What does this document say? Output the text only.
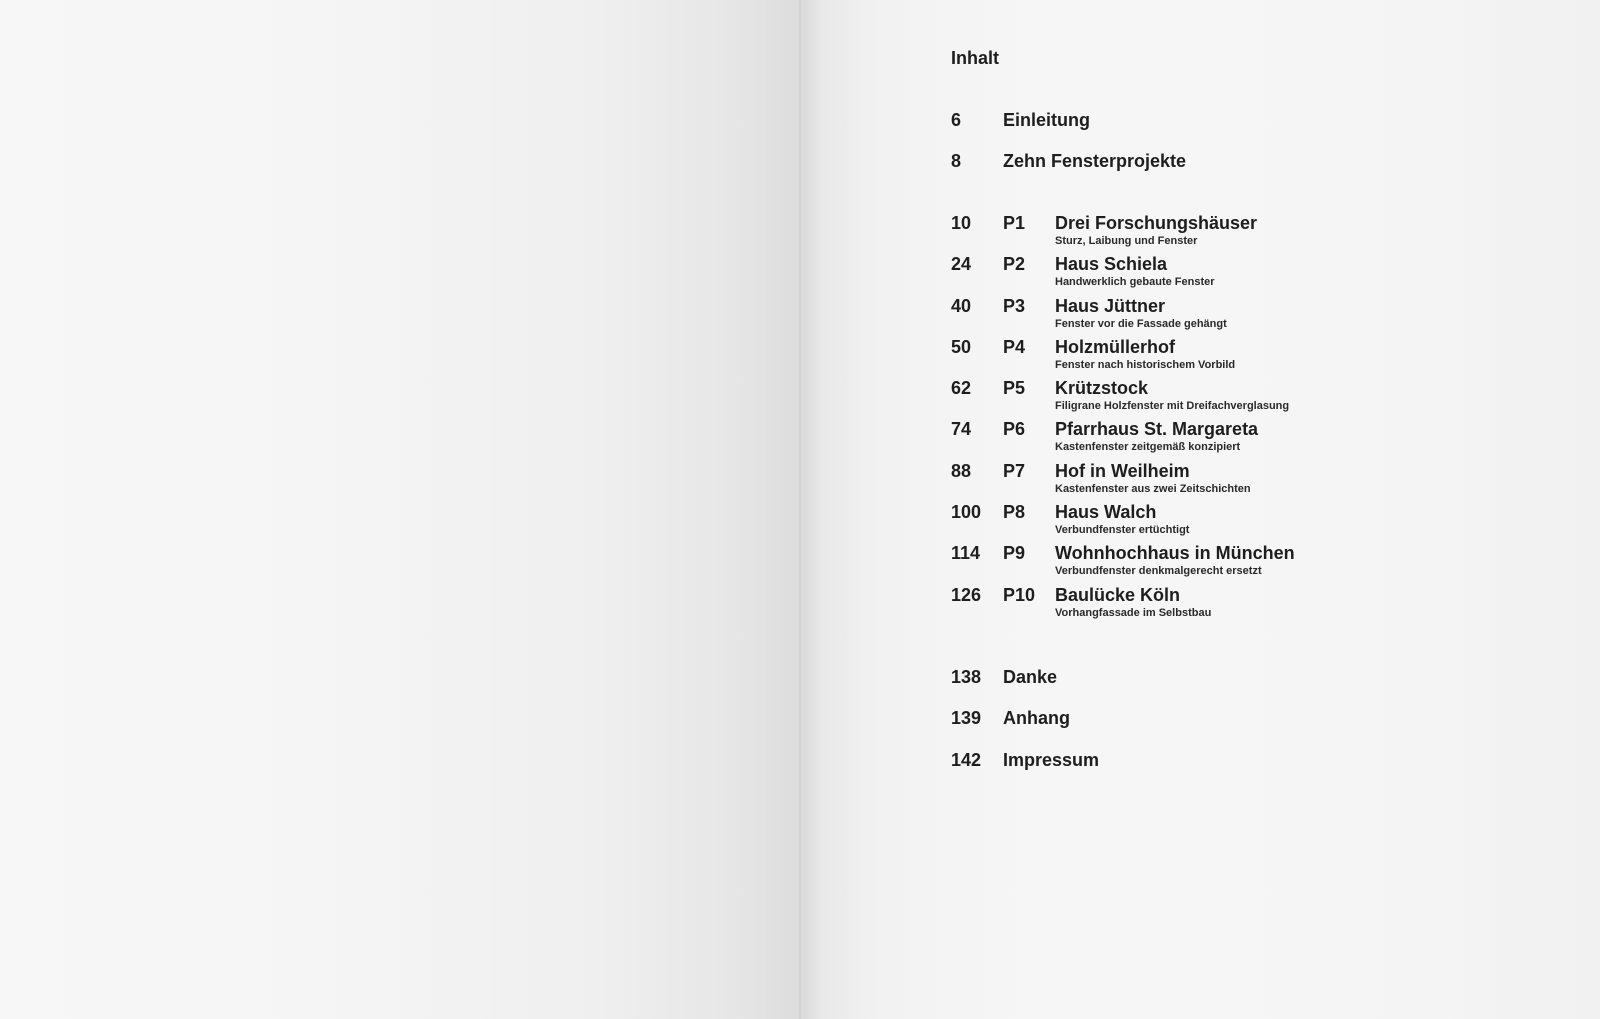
Inhalt
6 Einleitung
8 Zehn Fensterprojekte
10 P1 Drei Forschungshäuser
Sturz, Laibung und Fenster
24 P2 Haus Schiela
Handwerklich gebaute Fenster
40 P3 Haus Jüttner
Fenster vor die Fassade gehängt
50 P4 Holzmüllerhof
Fenster nach historischem Vorbild
62 P5 Krützstock
Filigrane Holzfenster mit Dreifachverglasung
74 P6 Pfarrhaus St. Margareta
Kastenfenster zeitgemäß konzipiert
88 P7 Hof in Weilheim
Kastenfenster aus zwei Zeitschichten
100 P8 Haus Walch
Verbundfenster ertüchtigt
114 P9 Wohnhochhaus in München
Verbundfenster denkmalgerecht ersetzt
126 P10 Baulücke Köln
Vorhangfassade im Selbstbau
138 Danke
139 Anhang
142 Impressum
